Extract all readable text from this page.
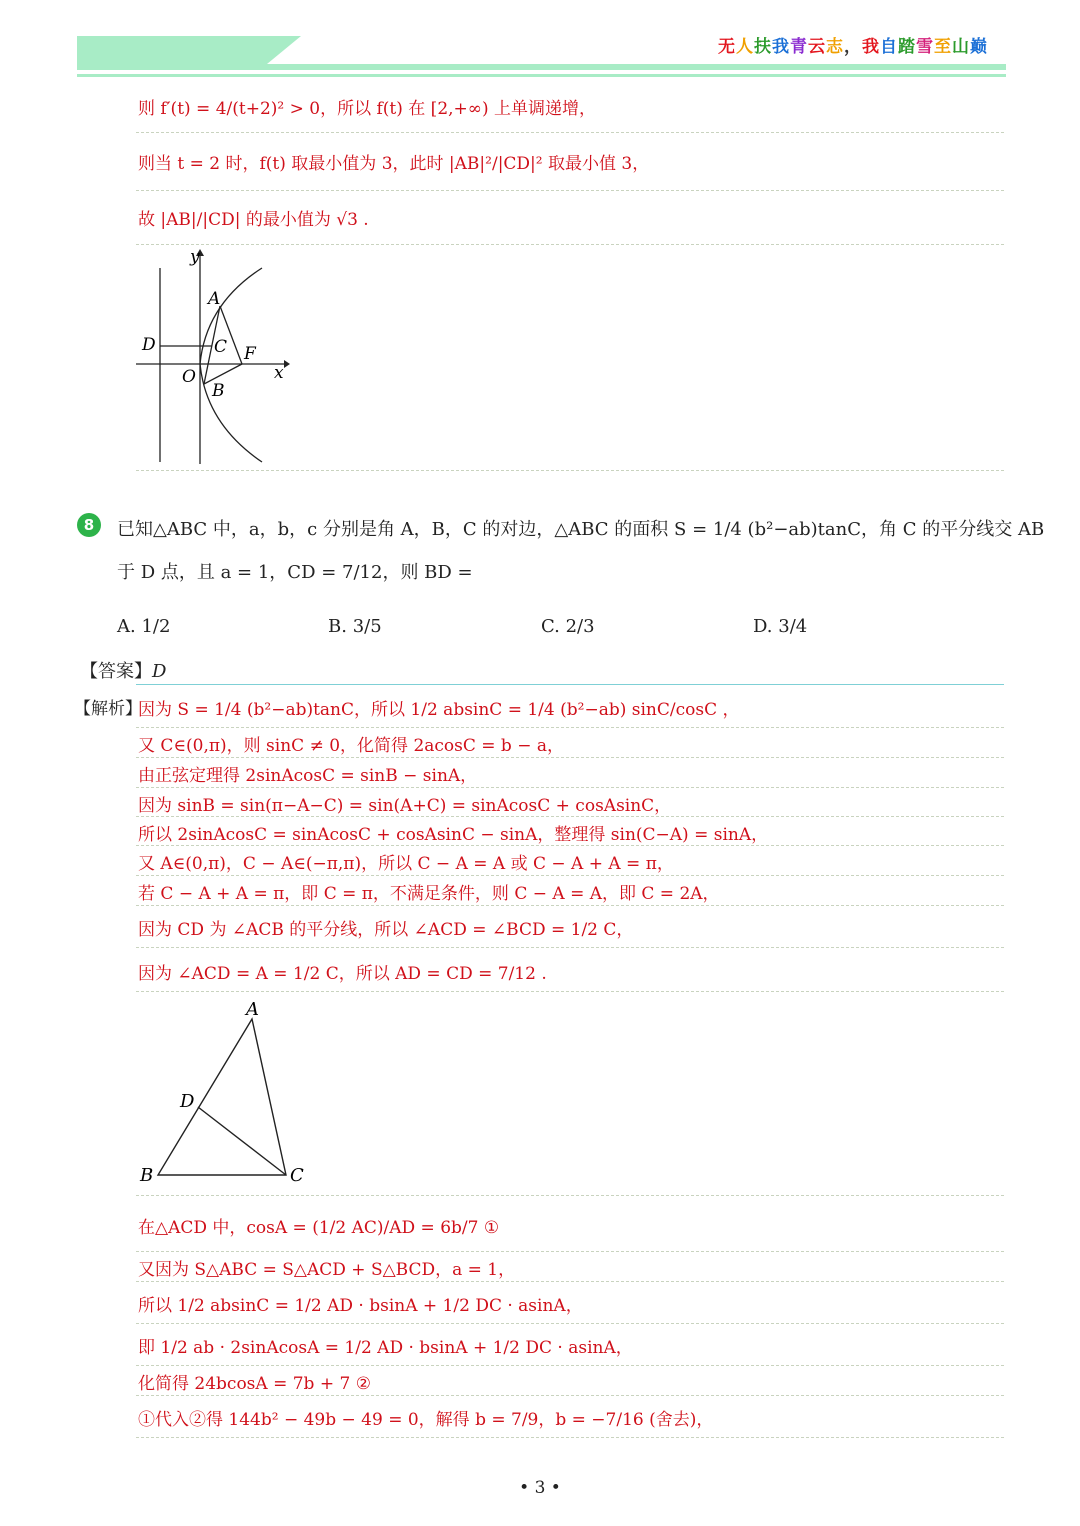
无人扶我青云志，我自踏雪至山巅
则 f′(t) = 4/(t+2)² > 0，所以 f(t) 在 [2,+∞) 上单调递增，
则当 t = 2 时，f(t) 取最小值为 3，此时 |AB|²/|CD|² 取最小值 3，
故 |AB|/|CD| 的最小值为 √3 .
y
A
D	C F
O	x
B
8	已知△ABC 中，a，b，c 分别是角 A，B，C 的对边，△ABC 的面积 S = 1/4 (b²−ab)tanC，角 C 的平分线交 AB
于 D 点，且 a = 1，CD = 7/12，则 BD =
A. 1/2	B. 3/5	C. 2/3	D. 3/4
【答案】D
【解析】
因为 S = 1/4 (b²−ab)tanC，所以 1/2 absinC = 1/4 (b²−ab) sinC/cosC ，
又 C∈(0,π)，则 sinC ≠ 0，化简得 2acosC = b − a，
由正弦定理得 2sinAcosC = sinB − sinA，
因为 sinB = sin(π−A−C) = sin(A+C) = sinAcosC + cosAsinC，
所以 2sinAcosC = sinAcosC + cosAsinC − sinA，整理得 sin(C−A) = sinA，
又 A∈(0,π)，C − A∈(−π,π)，所以 C − A = A 或 C − A + A = π，
若 C − A + A = π，即 C = π，不满足条件，则 C − A = A，即 C = 2A，
因为 CD 为 ∠ACB 的平分线，所以 ∠ACD = ∠BCD = 1/2 C，
因为 ∠ACD = A = 1/2 C，所以 AD = CD = 7/12 .
A
D
B	C
在△ACD 中，cosA = (1/2 AC)/AD = 6b/7 ①
又因为 S△ABC = S△ACD + S△BCD，a = 1，
所以 1/2 absinC = 1/2 AD · bsinA + 1/2 DC · asinA，
即 1/2 ab · 2sinAcosA = 1/2 AD · bsinA + 1/2 DC · asinA，
化简得 24bcosA = 7b + 7 ②
①代入②得 144b² − 49b − 49 = 0，解得 b = 7/9，b = −7/16 (舍去)，
• 3 •
